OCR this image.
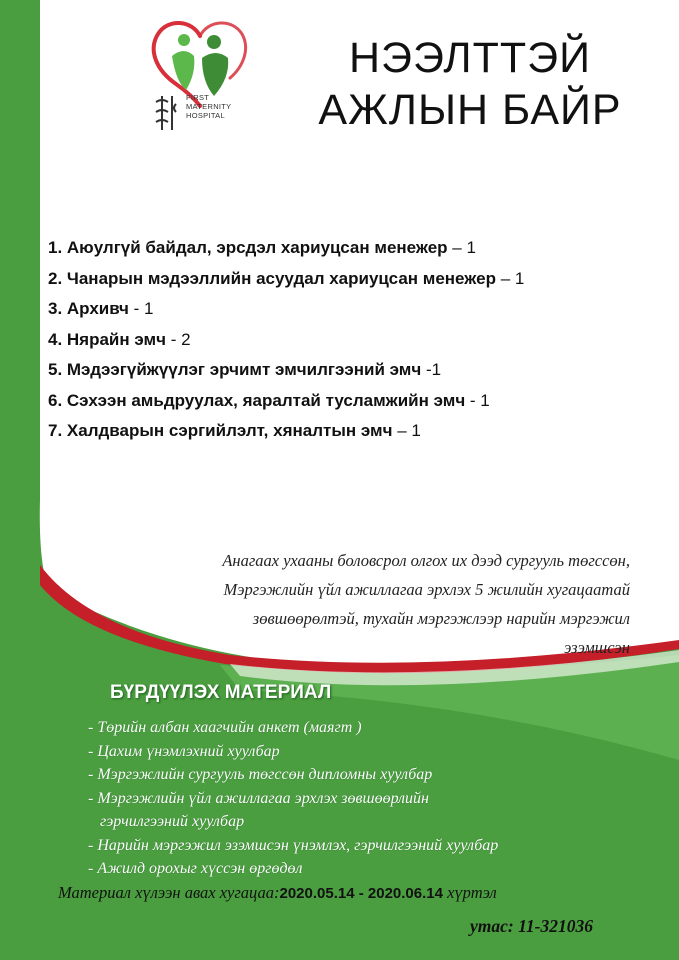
FIRST
MATERNITY
HOSPITAL
НЭЭЛТТЭЙ
АЖЛЫН БАЙР
1. Аюулгүй байдал, эрсдэл хариуцсан менежер – 1
2. Чанарын мэдээллийн асуудал хариуцсан менежер – 1
3. Архивч - 1
4. Нярайн эмч - 2
5. Мэдээгүйжүүлэг эрчимт эмчилгээний эмч -1
6. Сэхээн амьдруулах, яаралтай тусламжийн эмч - 1
7. Халдварын сэргийлэлт, хяналтын эмч – 1
Анагаах ухааны боловсрол олгох их дээд сургууль төгссөн,
Мэргэжлийн үйл ажиллагаа эрхлэх 5 жилийн хугацаатай
зөвшөөрөлтэй, тухайн мэргэжлээр нарийн мэргэжил
эзэмшсэн
БҮРДҮҮЛЭХ МАТЕРИАЛ
- Төрийн албан хаагчийн анкет (маягт )
- Цахим үнэмлэхний хуулбар
- Мэргэжлийн сургууль төгссөн дипломны хуулбар
- Мэргэжлийн үйл ажиллагаа эрхлэх зөвшөөрлийн
гэрчилгээний хуулбар
- Нарийн мэргэжил эзэмшсэн үнэмлэх, гэрчилгээний хуулбар
- Ажилд орохыг хүссэн өргөдөл
Материал хүлээн авах хугацаа:2020.05.14 - 2020.06.14 хүртэл
утас: 11-321036
